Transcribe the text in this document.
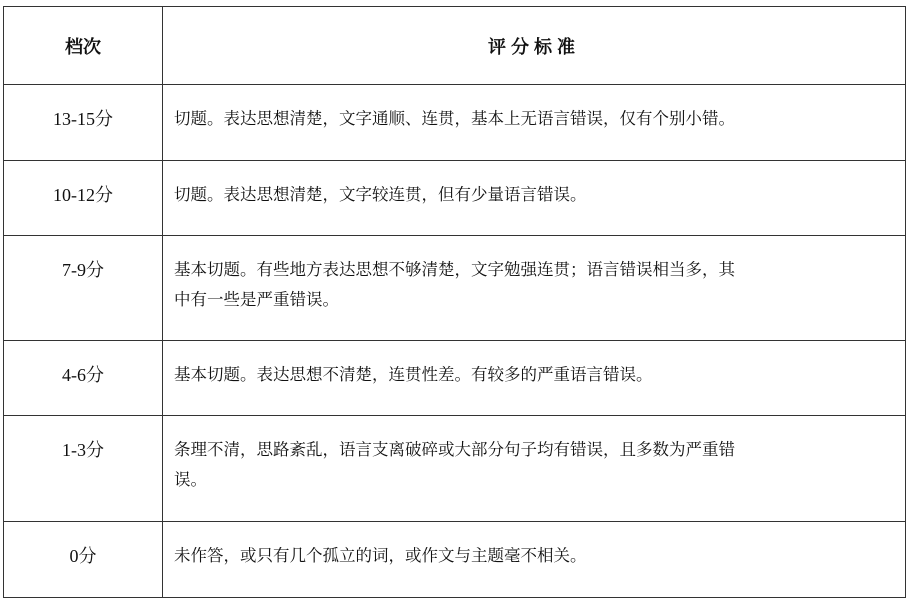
档次	评分标准

13-15分	切题。表达思想清楚，文字通顺、连贯，基本上无语言错误，仅有个别小错。

10-12分	切题。表达思想清楚，文字较连贯，但有少量语言错误。

7-9分	基本切题。有些地方表达思想不够清楚，文字勉强连贯；语言错误相当多，其
中有一些是严重错误。

4-6分	基本切题。表达思想不清楚，连贯性差。有较多的严重语言错误。

1-3分	条理不清，思路紊乱，语言支离破碎或大部分句子均有错误，且多数为严重错
误。

0分	未作答，或只有几个孤立的词，或作文与主题毫不相关。
